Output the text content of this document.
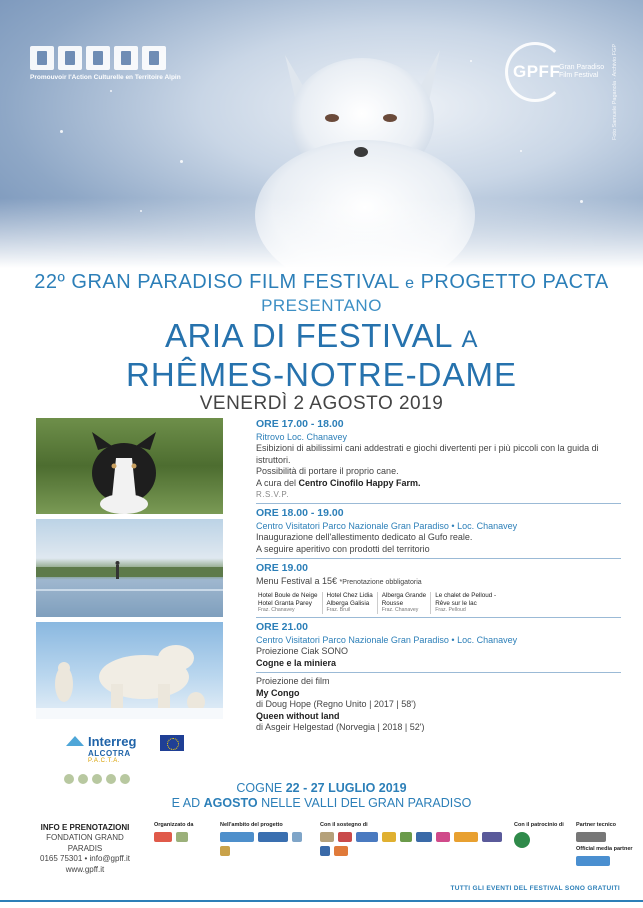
Promouvoir l'Action Culturelle en Territoire Alpin	GPFF
Gran Paradiso Film Festival	Foto Samuele Paganola · Archivio FGP
22º GRAN PARADISO FILM FESTIVAL e PROGETTO PACTA
PRESENTANO
ARIA DI FESTIVAL A
RHÊMES-NOTRE-DAME
VENERDÌ 2 AGOSTO 2019
ORE 17.00 - 18.00
Ritrovo Loc. Chanavey
Esibizioni di abilissimi cani addestrati e giochi divertenti per i più piccoli con la guida di istruttori.
Possibilità di portare il proprio cane.
A cura del Centro Cinofilo Happy Farm.
R.S.V.P.
ORE 18.00 - 19.00
Centro Visitatori Parco Nazionale Gran Paradiso • Loc. Chanavey
Inaugurazione dell'allestimento dedicato al Gufo reale.
A seguire aperitivo con prodotti del territorio
ORE 19.00
Menu Festival a 15€ *Prenotazione obbligatoria
Hotel Boule de Neige
Hotel Granta Parey
Fraz. Chanavey
Hotel Chez Lidia
Alberga Galisia
Fraz. Bruil
Alberga Grande
Rousse
Fraz. Chanavey
Le chalet de Pelloud -
Rêve sur le lac
Fraz. Pelloud
ORE 21.00
Centro Visitatori Parco Nazionale Gran Paradiso • Loc. Chanavey
Proiezione Ciak SONO
Cogne e la miniera
Proiezione dei film
My Congo
di Doug Hope (Regno Unito | 2017 | 58')
Queen without land
di Asgeir Helgestad (Norvegia | 2018 | 52')
Interreg
ALCOTRA
P.A.C.T.A.
COGNE 22 - 27 LUGLIO 2019
E AD AGOSTO NELLE VALLI DEL GRAN PARADISO
INFO E PRENOTAZIONI
FONDATION GRAND PARADIS
0165 75301 • info@gpff.it
www.gpff.it
Organizzato da	Nell'ambito del progetto	Con il sostegno di	Con il patrocinio di Partner tecnico
Official media partner
TUTTI GLI EVENTI DEL FESTIVAL SONO GRATUITI
